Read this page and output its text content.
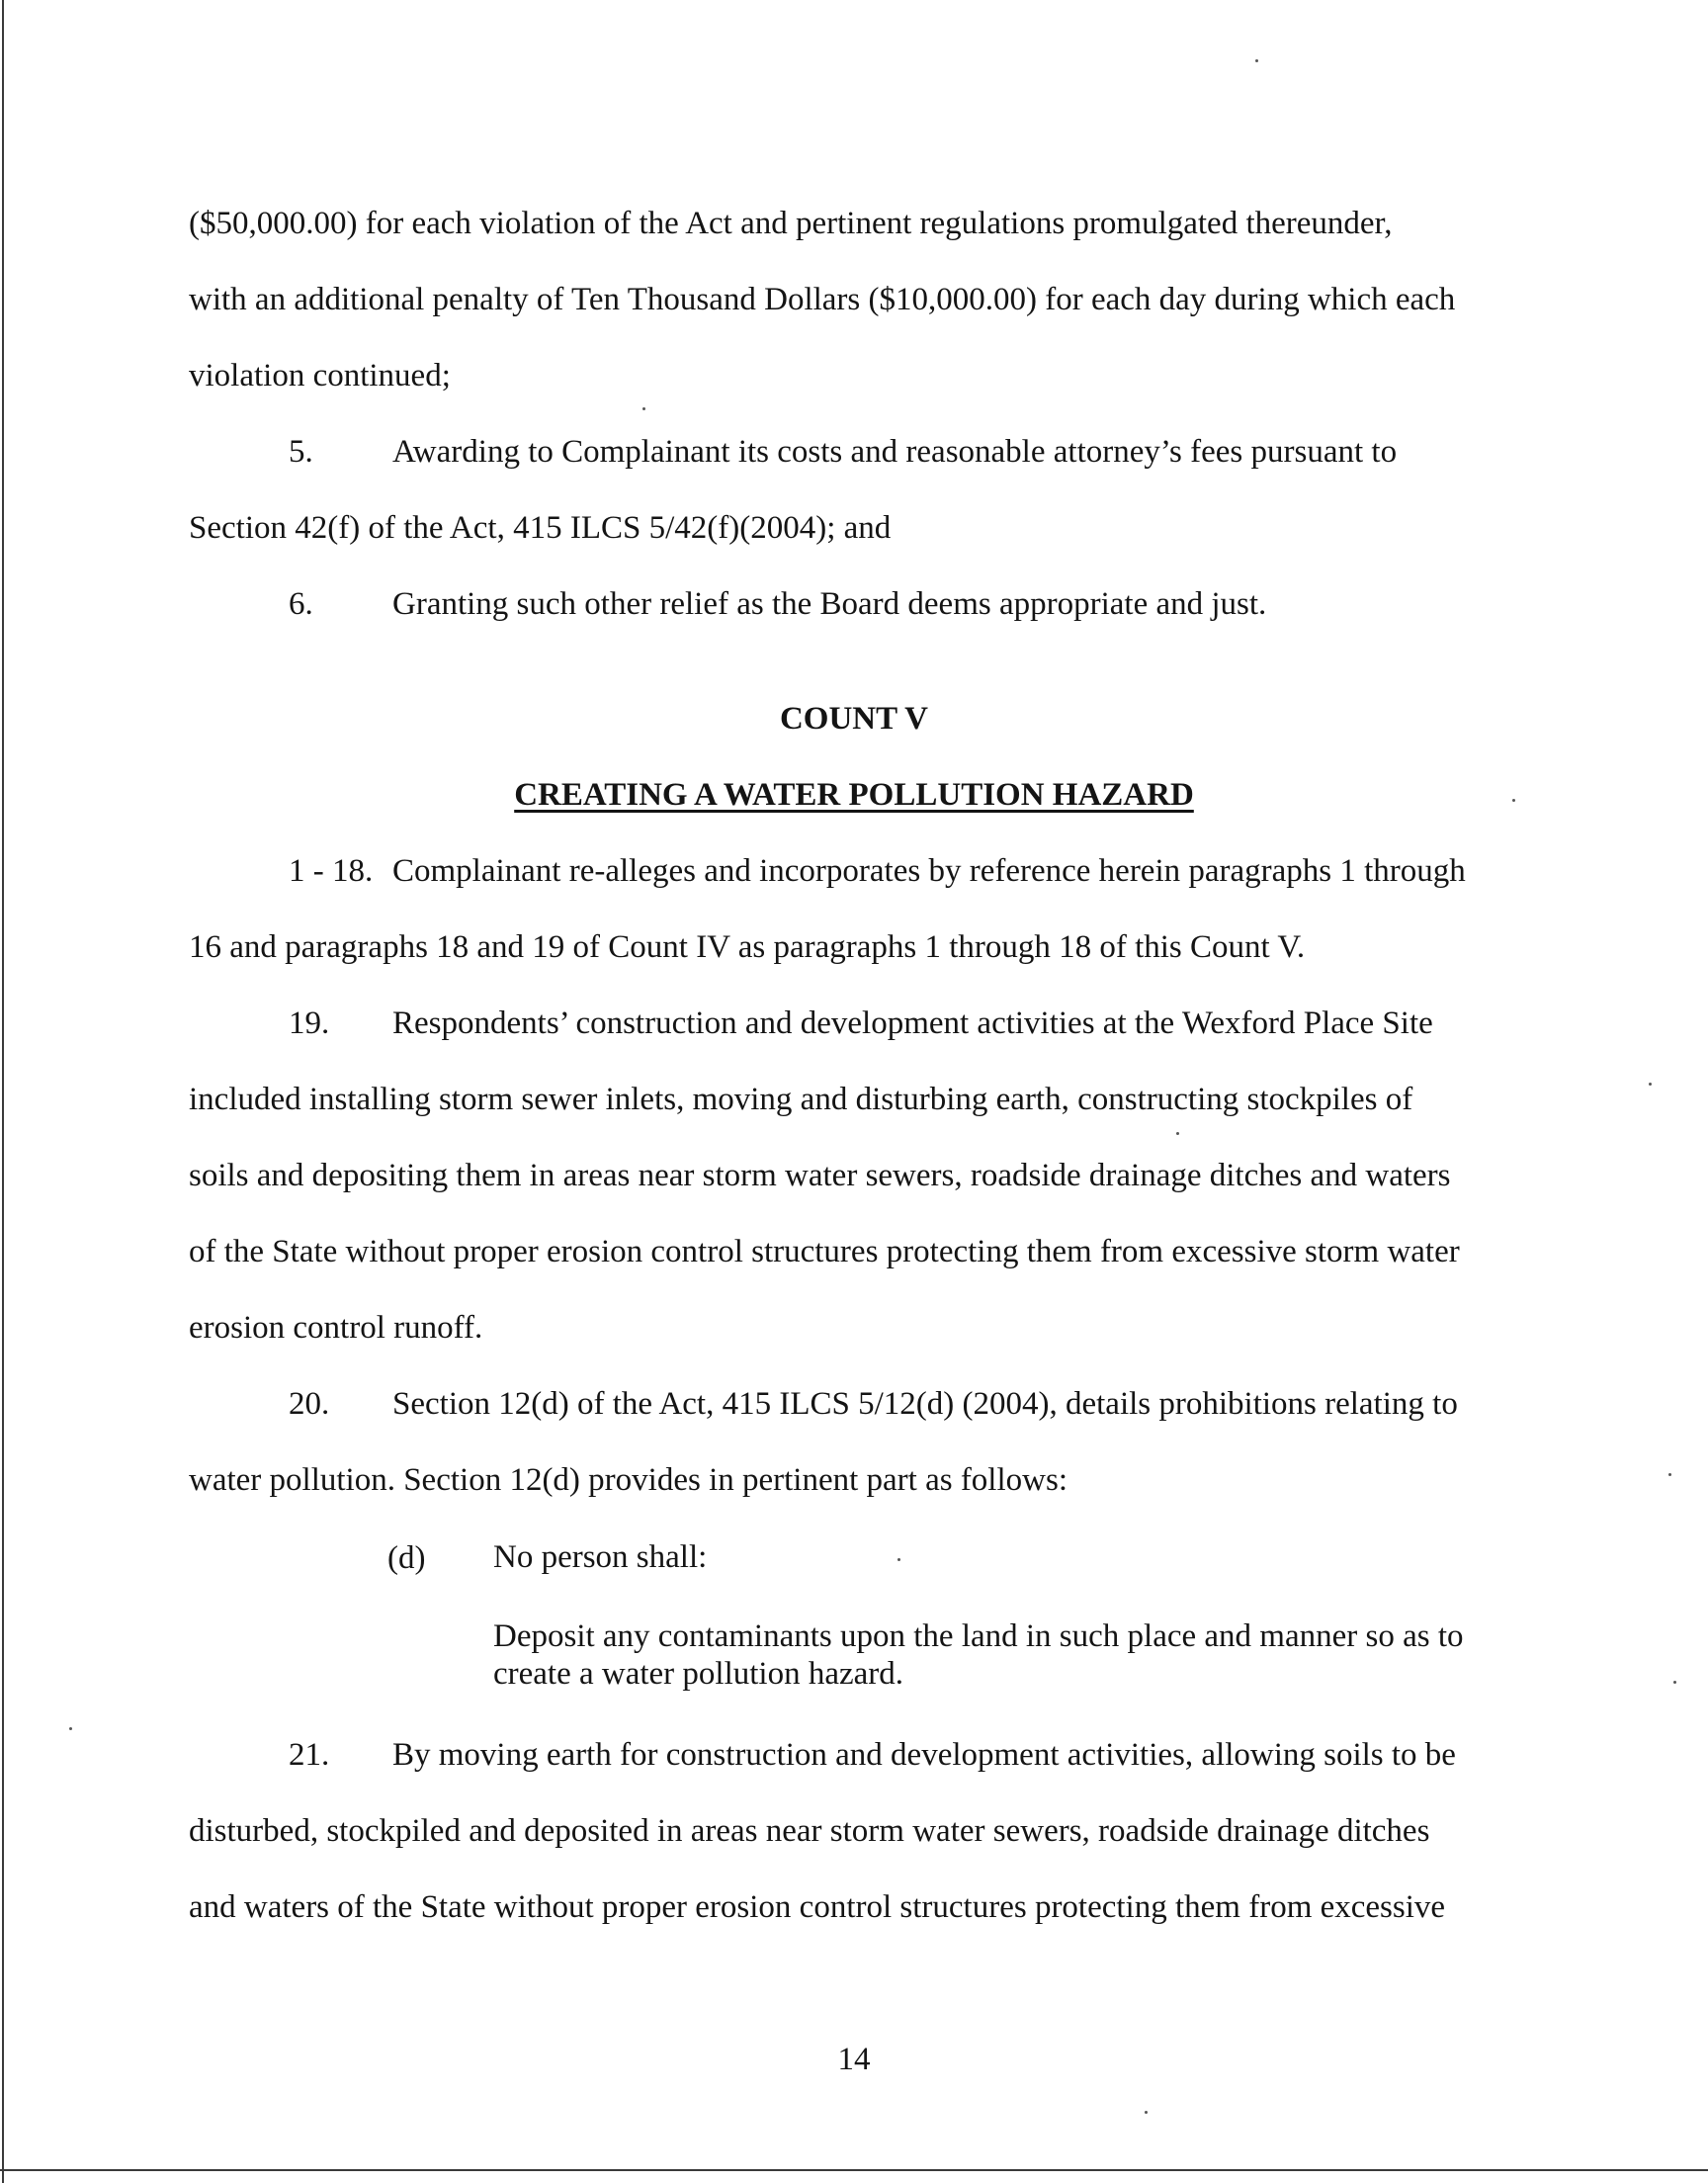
($50,000.00) for each violation of the Act and pertinent regulations promulgated thereunder,
with an additional penalty of Ten Thousand Dollars ($10,000.00) for each day during which each
violation continued;
5. Awarding to Complainant its costs and reasonable attorney’s fees pursuant to
Section 42(f) of the Act, 415 ILCS 5/42(f)(2004); and
6. Granting such other relief as the Board deems appropriate and just.
COUNT V
CREATING A WATER POLLUTION HAZARD
1 - 18. Complainant re-alleges and incorporates by reference herein paragraphs 1 through
16 and paragraphs 18 and 19 of Count IV as paragraphs 1 through 18 of this Count V.
19. Respondents’ construction and development activities at the Wexford Place Site
included installing storm sewer inlets, moving and disturbing earth, constructing stockpiles of
soils and depositing them in areas near storm water sewers, roadside drainage ditches and waters
of the State without proper erosion control structures protecting them from excessive storm water
erosion control runoff.
20. Section 12(d) of the Act, 415 ILCS 5/12(d) (2004), details prohibitions relating to
water pollution. Section 12(d) provides in pertinent part as follows:
(d) No person shall:
Deposit any contaminants upon the land in such place and manner so as to
create a water pollution hazard.
21. By moving earth for construction and development activities, allowing soils to be
disturbed, stockpiled and deposited in areas near storm water sewers, roadside drainage ditches
and waters of the State without proper erosion control structures protecting them from excessive
14
